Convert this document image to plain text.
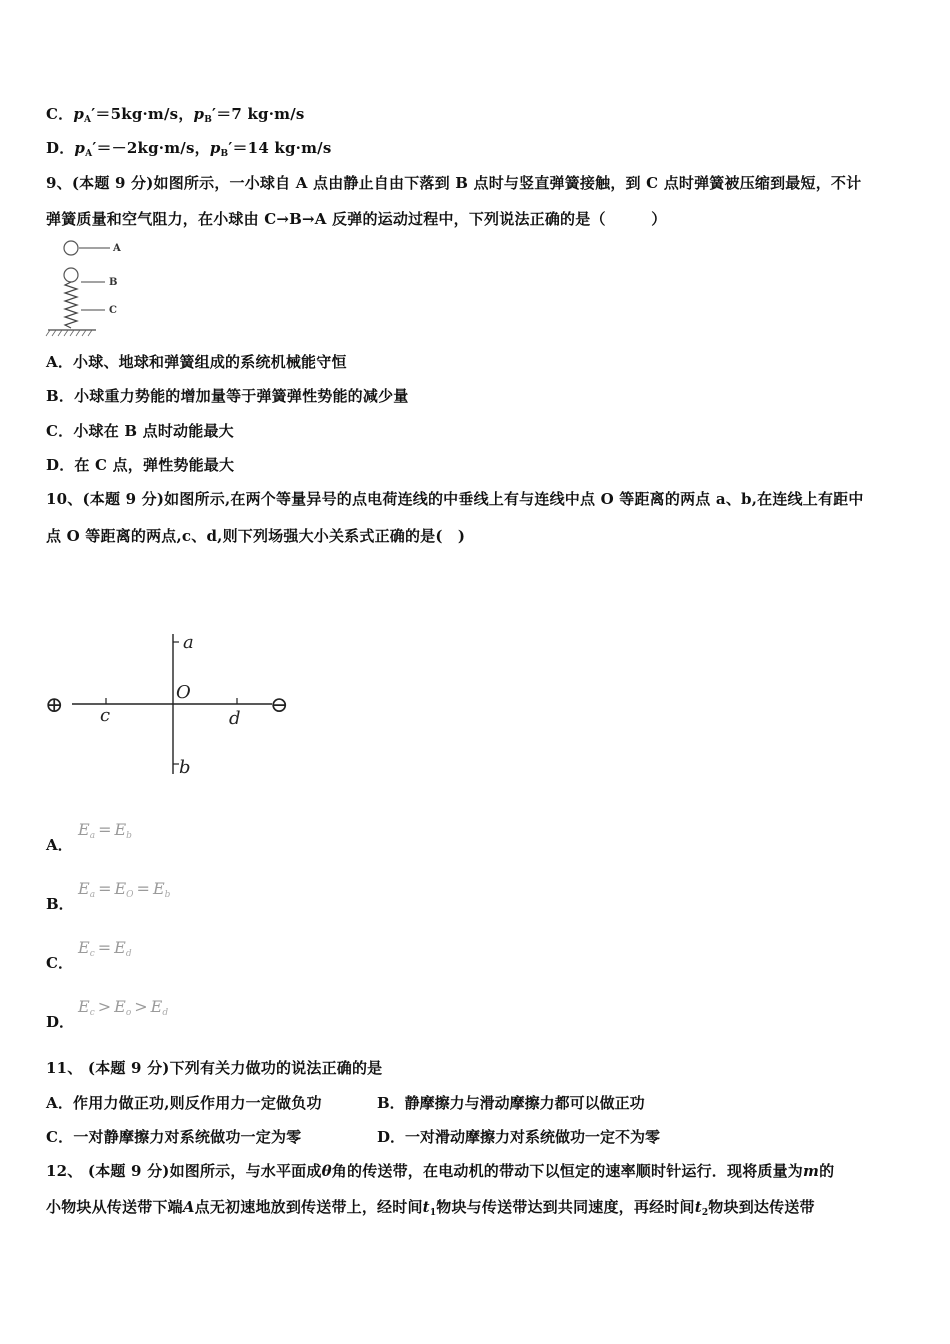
C．$p_A'=5kg\cdot m/s$，$p_B'=7$ kg·m/s
D．$p_A'=-2kg\cdot m/s$，$p_B'=14$ kg·m/s
9、(本题 9 分)如图所示，一小球自 A 点由静止自由下落到 B 点时与竖直弹簧接触，到 C 点时弹簧被压缩到最短，不计
弹簧质量和空气阻力，在小球由 C→B→A 反弹的运动过程中，下列说法正确的是（　　　）
A
B
C
A．小球、地球和弹簧组成的系统机械能守恒
B．小球重力势能的增加量等于弹簧弹性势能的减少量
C．小球在 B 点时动能最大
D．在 C 点，弹性势能最大
10、(本题 9 分)如图所示,在两个等量异号的点电荷连线的中垂线上有与连线中点 O 等距离的两点 a、b,在连线上有距中
点 O 等距离的两点,c、d,则下列场强大小关系式正确的是(　)
⊕	⊖
a
O
b
c	d
A．
$E_a = E_b$
B．
$E_a = E_O = E_b$
C．
$E_c = E_d$
D．
$E_c > E_o > E_d$
11、 (本题 9 分)下列有关力做功的说法正确的是
A．作用力做正功,则反作用力一定做负功	B．静摩擦力与滑动摩擦力都可以做正功
C．一对静摩擦力对系统做功一定为零	D．一对滑动摩擦力对系统做功一定不为零
12、 (本题 9 分)如图所示，与水平面成θ角的传送带，在电动机的带动下以恒定的速率顺时针运行．现将质量为m的
小物块从传送带下端A点无初速地放到传送带上，经时间$t_1$物块与传送带达到共同速度，再经时间$t_2$物块到达传送带
